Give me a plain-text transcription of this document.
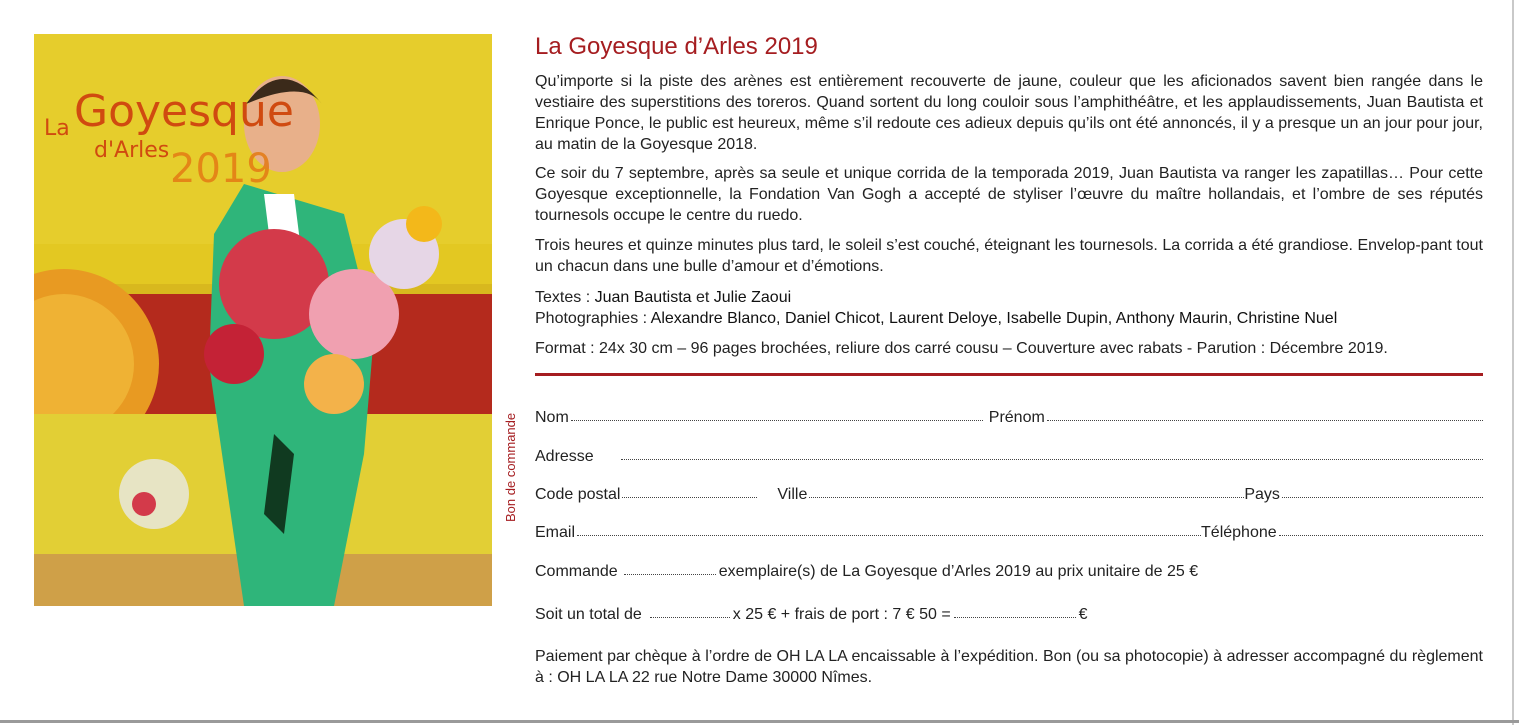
Goyesque
La
d'Arles 2019
Bon de commande
La Goyesque d’Arles 2019

Qu’importe si la piste des arènes est entièrement recouverte de jaune, couleur que les aficionados savent bien rangée dans le vestiaire des superstitions des toreros. Quand sortent du long couloir sous l’amphithéâtre, et les applaudissements, Juan Bautista et Enrique Ponce, le public est heureux, même s’il redoute ces adieux depuis qu’ils ont été annoncés, il y a presque un an jour pour jour, au matin de la Goyesque 2018.

Ce soir du 7 septembre, après sa seule et unique corrida de la temporada 2019, Juan Bautista va ranger les zapatillas… Pour cette Goyesque exceptionnelle, la Fondation Van Gogh a accepté de styliser l’œuvre du maître hollandais, et l’ombre de ses réputés tournesols occupe le centre du ruedo.

Trois heures et quinze minutes plus tard, le soleil s’est couché, éteignant les tournesols. La corrida a été grandiose. Envelop-pant tout un chacun dans une bulle d’amour et d’émotions.

Textes : Juan Bautista et Julie Zaoui
Photographies : Alexandre Blanco, Daniel Chicot, Laurent Deloye, Isabelle Dupin, Anthony Maurin, Christine Nuel
Format : 24x 30 cm – 96 pages brochées, reliure dos carré cousu – Couverture avec rabats - Parution : Décembre 2019.
Nom	Prénom
Adresse
Code postal	Ville	Pays
Email	Téléphone
Commande	exemplaire(s) de La Goyesque d’Arles 2019 au prix unitaire de 25 €
Soit un total de	x 25 € + frais de port : 7 € 50 =	€

Paiement par chèque à l’ordre de OH LA LA encaissable à l’expédition. Bon (ou sa photocopie) à adresser accompagné du règlement à : OH LA LA 22 rue Notre Dame 30000 Nîmes.
